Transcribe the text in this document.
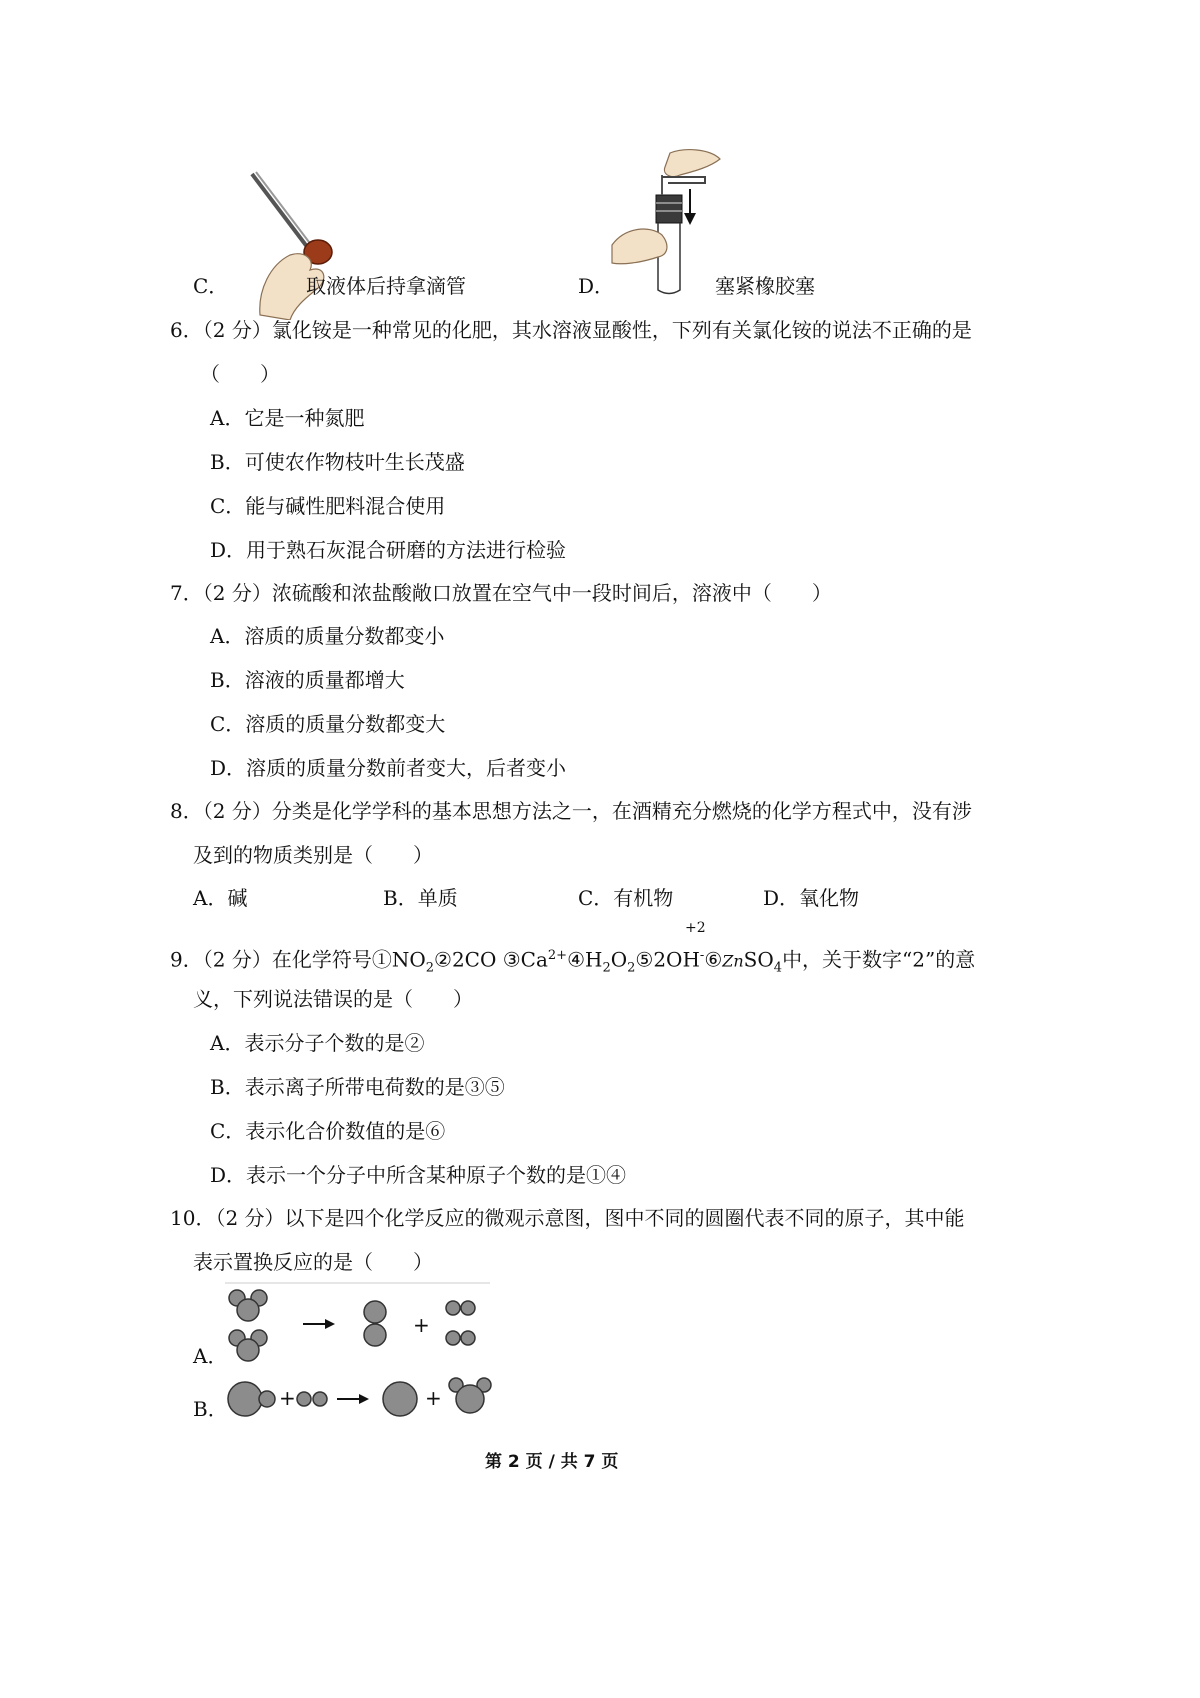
C．	取液体后持拿滴管	D．	塞紧橡胶塞
6．（2 分）氯化铵是一种常见的化肥，其水溶液显酸性，下列有关氯化铵的说法不正确的是
（　　）
A．它是一种氮肥
B．可使农作物枝叶生长茂盛
C．能与碱性肥料混合使用
D．用于熟石灰混合研磨的方法进行检验
7．（2 分）浓硫酸和浓盐酸敞口放置在空气中一段时间后，溶液中（　　）
A．溶质的质量分数都变小
B．溶液的质量都增大
C．溶质的质量分数都变大
D．溶质的质量分数前者变大，后者变小
8．（2 分）分类是化学学科的基本思想方法之一，在酒精充分燃烧的化学方程式中，没有涉
及到的物质类别是（　　）
A．碱	B．单质	C．有机物	D．氧化物
+2
9．（2 分）在化学符号$①NO_2②2CO$ $③Ca^{2+}④H_2O_2⑤2OH^-⑥ZnSO_4$中，关于数字“2”的意
义，下列说法错误的是（　　）
A．表示分子个数的是②
B．表示离子所带电荷数的是③⑤
C．表示化合价数值的是⑥
D．表示一个分子中所含某种原子个数的是①④
10．（2 分）以下是四个化学反应的微观示意图，图中不同的圆圈代表不同的原子，其中能
表示置换反应的是（　　）
+
A．
+	+
B．
第 2 页 / 共 7 页
